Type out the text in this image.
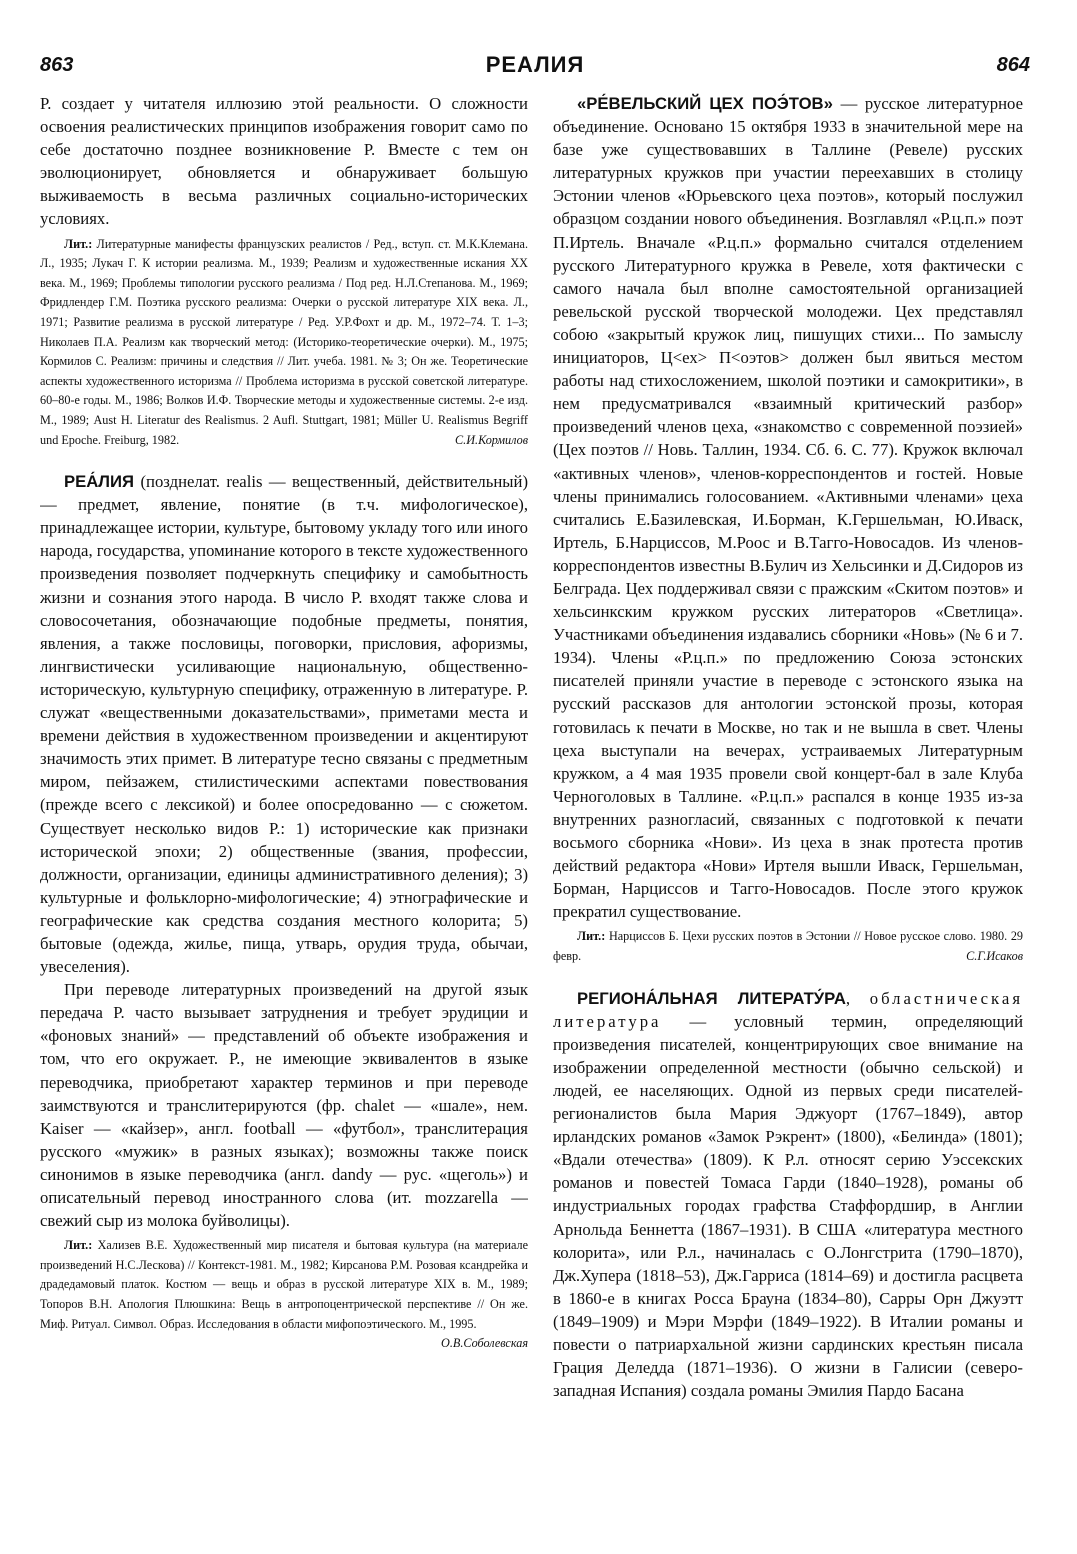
863	РЕАЛИЯ	864

Р. создает у читателя иллюзию этой реальности. О сложности освоения реалистических принципов изображения говорит само по себе достаточно позднее возникновение Р. Вместе с тем он эволюционирует, обновляется и обнаруживает большую выживаемость в весьма различных социально-исторических условиях.

Лит.: Литературные манифесты французских реалистов / Ред., вступ. ст. М.К.Клемана. Л., 1935; Лукач Г. К истории реализма. М., 1939; Реализм и художественные искания XX века. М., 1969; Проблемы типологии русского реализма / Под ред. Н.Л.Степанова. М., 1969; Фридлендер Г.М. Поэтика русского реализма: Очерки о русской литературе XIX века. Л., 1971; Развитие реализма в русской литературе / Ред. У.Р.Фохт и др. М., 1972–74. Т. 1–3; Николаев П.А. Реализм как творческий метод: (Историко-теоретические очерки). М., 1975; Кормилов С. Реализм: причины и следствия // Лит. учеба. 1981. № 3; Он же. Теоретические аспекты художественного историзма // Проблема историзма в русской советской литературе. 60–80-е годы. М., 1986; Волков И.Ф. Творческие методы и художественные системы. 2-е изд. М., 1989; Aust H. Literatur des Realismus. 2 Aufl. Stuttgart, 1981; Müller U. Realismus Begriff und Epoche. Freiburg, 1982.	С.И.Кормилов

РЕА́ЛИЯ (позднелат. realis — вещественный, действительный) — предмет, явление, понятие (в т.ч. мифологическое), принадлежащее истории, культуре, бытовому укладу того или иного народа, государства, упоминание которого в тексте художественного произведения позволяет подчеркнуть специфику и самобытность жизни и сознания этого народа. В число Р. входят также слова и словосочетания, обозначающие подобные предметы, понятия, явления, а также пословицы, поговорки, присловия, афоризмы, лингвистически усиливающие национальную, общественно-историческую, культурную специфику, отраженную в литературе. Р. служат «вещественными доказательствами», приметами места и времени действия в художественном произведении и акцентируют значимость этих примет. В литературе тесно связаны с предметным миром, пейзажем, стилистическими аспектами повествования (прежде всего с лексикой) и более опосредованно — с сюжетом. Существует несколько видов Р.: 1) исторические как признаки исторической эпохи; 2) общественные (звания, профессии, должности, организации, единицы административного деления); 3) культурные и фольклорно-мифологические; 4) этнографические и географические как средства создания местного колорита; 5) бытовые (одежда, жилье, пища, утварь, орудия труда, обычаи, увеселения).

При переводе литературных произведений на другой язык передача Р. часто вызывает затруднения и требует эрудиции и «фоновых знаний» — представлений об объекте изображения и том, что его окружает. Р., не имеющие эквивалентов в языке переводчика, приобретают характер терминов и при переводе заимствуются и транслитерируются (фр. chalet — «шале», нем. Kaiser — «кайзер», англ. football — «футбол», транслитерация русского «мужик» в разных языках); возможны также поиск синонимов в языке переводчика (англ. dandy — рус. «щеголь») и описательный перевод иностранного слова (ит. mozzarella — свежий сыр из молока буйволицы).

Лит.: Хализев В.Е. Художественный мир писателя и бытовая культура (на материале произведений Н.С.Лескова) // Контекст-1981. М., 1982; Кирсанова Р.М. Розовая ксандрейка и драдедамовый платок. Костюм — вещь и образ в русской литературе XIX в. М., 1989; Топоров В.Н. Апология Плюшкина: Вещь в антропоцентрической перспективе // Он же. Миф. Ритуал. Символ. Образ. Исследования в области мифопоэтического. М., 1995.
О.В.Соболевская

«РЕ́ВЕЛЬСКИЙ ЦЕХ ПОЭ́ТОВ» — русское литературное объединение. Основано 15 октября 1933 в значительной мере на базе уже существовавших в Таллине (Ревеле) русских литературных кружков при участии переехавших в столицу Эстонии членов «Юрьевского цеха поэтов», который послужил образцом создании нового объединения. Возглавлял «Р.ц.п.» поэт П.Иртель. Вначале «Р.ц.п.» формально считался отделением русского Литературного кружка в Ревеле, хотя фактически с самого начала был вполне самостоятельной организацией ревельской русской творческой молодежи. Цех представлял собою «закрытый кружок лиц, пишущих стихи... По замыслу инициаторов, Ц<ех> П<оэтов> должен был явиться местом работы над стихосложением, школой поэтики и самокритики», в нем предусматривался «взаимный критический разбор» произведений членов цеха, «знакомство с современной поэзией» (Цех поэтов // Новь. Таллин, 1934. Сб. 6. С. 77). Кружок включал «активных членов», членов-корреспондентов и гостей. Новые члены принимались голосованием. «Активными членами» цеха считались Е.Базилевская, И.Борман, К.Гершельман, Ю.Иваск, Иртель, Б.Нарциссов, М.Роос и В.Тагго-Новосадов. Из членов-корреспондентов известны В.Булич из Хельсинки и Д.Сидоров из Белграда. Цех поддерживал связи с пражским «Скитом поэтов» и хельсинкским кружком русских литераторов «Светлица». Участниками объединения издавались сборники «Новь» (№ 6 и 7. 1934). Члены «Р.ц.п.» по предложению Союза эстонских писателей приняли участие в переводе с эстонского языка на русский рассказов для антологии эстонской прозы, которая готовилась к печати в Москве, но так и не вышла в свет. Члены цеха выступали на вечерах, устраиваемых Литературным кружком, а 4 мая 1935 провели свой концерт-бал в зале Клуба Черноголовых в Таллине. «Р.ц.п.» распался в конце 1935 из-за внутренних разногласий, связанных с подготовкой к печати восьмого сборника «Нови». Из цеха в знак протеста против действий редактора «Нови» Иртеля вышли Иваск, Гершельман, Борман, Нарциссов и Тагго-Новосадов. После этого кружок прекратил существование.

Лит.: Нарциссов Б. Цехи русских поэтов в Эстонии // Новое русское слово. 1980. 29 февр.	С.Г.Исаков

РЕГИОНА́ЛЬНАЯ ЛИТЕРАТУ́РА, областническая литература — условный термин, определяющий произведения писателей, концентрирующих свое внимание на изображении определенной местности (обычно сельской) и людей, ее населяющих. Одной из первых среди писателей-регионалистов была Мария Эджуорт (1767–1849), автор ирландских романов «Замок Рэкрент» (1800), «Белинда» (1801); «Вдали отечества» (1809). К Р.л. относят серию Уэссекских романов и повестей Томаса Гарди (1840–1928), романы об индустриальных городах графства Стаффордшир, в Англии Арнольда Беннетта (1867–1931). В США «литература местного колорита», или Р.л., начиналась с О.Лонгстрита (1790–1870), Дж.Хупера (1818–53), Дж.Гарриса (1814–69) и достигла расцвета в 1860-е в книгах Росса Брауна (1834–80), Сарры Орн Джуэтт (1849–1909) и Мэри Мэрфи (1849–1922). В Италии романы и повести о патриархальной жизни сардинских крестьян писала Грация Деледда (1871–1936). О жизни в Галисии (северо-западная Испания) создала романы Эмилия Пардо Басана
